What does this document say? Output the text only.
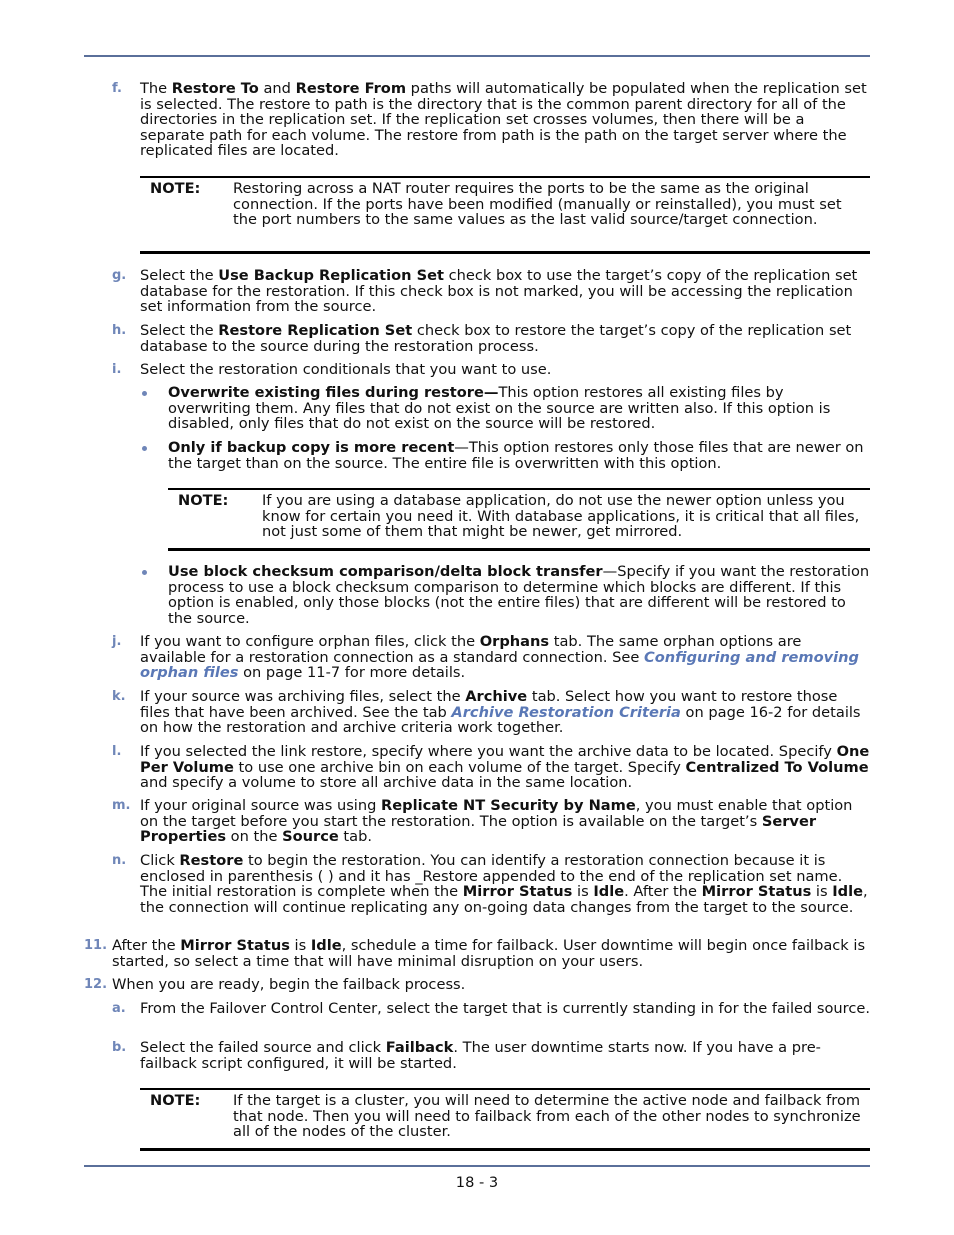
f. The Restore To and Restore From paths will automatically be populated when the replication set is selected. The restore to path is the directory that is the common parent directory for all of the directories in the replication set. If the replication set crosses volumes, then there will be a separate path for each volume. The restore from path is the path on the target server where the replicated files are located.

NOTE: Restoring across a NAT router requires the ports to be the same as the original connection. If the ports have been modified (manually or reinstalled), you must set the port numbers to the same values as the last valid source/target connection.

g. Select the Use Backup Replication Set check box to use the target’s copy of the replication set database for the restoration. If this check box is not marked, you will be accessing the replication set information from the source.

h. Select the Restore Replication Set check box to restore the target’s copy of the replication set database to the source during the restoration process.

i. Select the restoration conditionals that you want to use.

Overwrite existing files during restore—This option restores all existing files by overwriting them. Any files that do not exist on the source are written also. If this option is disabled, only files that do not exist on the source will be restored.

Only if backup copy is more recent—This option restores only those files that are newer on the target than on the source. The entire file is overwritten with this option.

NOTE: If you are using a database application, do not use the newer option unless you know for certain you need it. With database applications, it is critical that all files, not just some of them that might be newer, get mirrored.

Use block checksum comparison/delta block transfer—Specify if you want the restoration process to use a block checksum comparison to determine which blocks are different. If this option is enabled, only those blocks (not the entire files) that are different will be restored to the source.

j. If you want to configure orphan files, click the Orphans tab. The same orphan options are available for a restoration connection as a standard connection. See Configuring and removing orphan files on page 11-7 for more details.

k. If your source was archiving files, select the Archive tab. Select how you want to restore those files that have been archived. See the tab Archive Restoration Criteria on page 16-2 for details on how the restoration and archive criteria work together.

l. If you selected the link restore, specify where you want the archive data to be located. Specify One Per Volume to use one archive bin on each volume of the target. Specify Centralized To Volume and specify a volume to store all archive data in the same location.

m. If your original source was using Replicate NT Security by Name, you must enable that option on the target before you start the restoration. The option is available on the target’s Server Properties on the Source tab.

n. Click Restore to begin the restoration. You can identify a restoration connection because it is enclosed in parenthesis ( ) and it has _Restore appended to the end of the replication set name. The initial restoration is complete when the Mirror Status is Idle. After the Mirror Status is Idle, the connection will continue replicating any on-going data changes from the target to the source.

11. After the Mirror Status is Idle, schedule a time for failback. User downtime will begin once failback is started, so select a time that will have minimal disruption on your users.

12. When you are ready, begin the failback process.

a. From the Failover Control Center, select the target that is currently standing in for the failed source.

b. Select the failed source and click Failback. The user downtime starts now. If you have a pre-failback script configured, it will be started.

NOTE: If the target is a cluster, you will need to determine the active node and failback from that node. Then you will need to failback from each of the other nodes to synchronize all of the nodes of the cluster.

18 - 3
